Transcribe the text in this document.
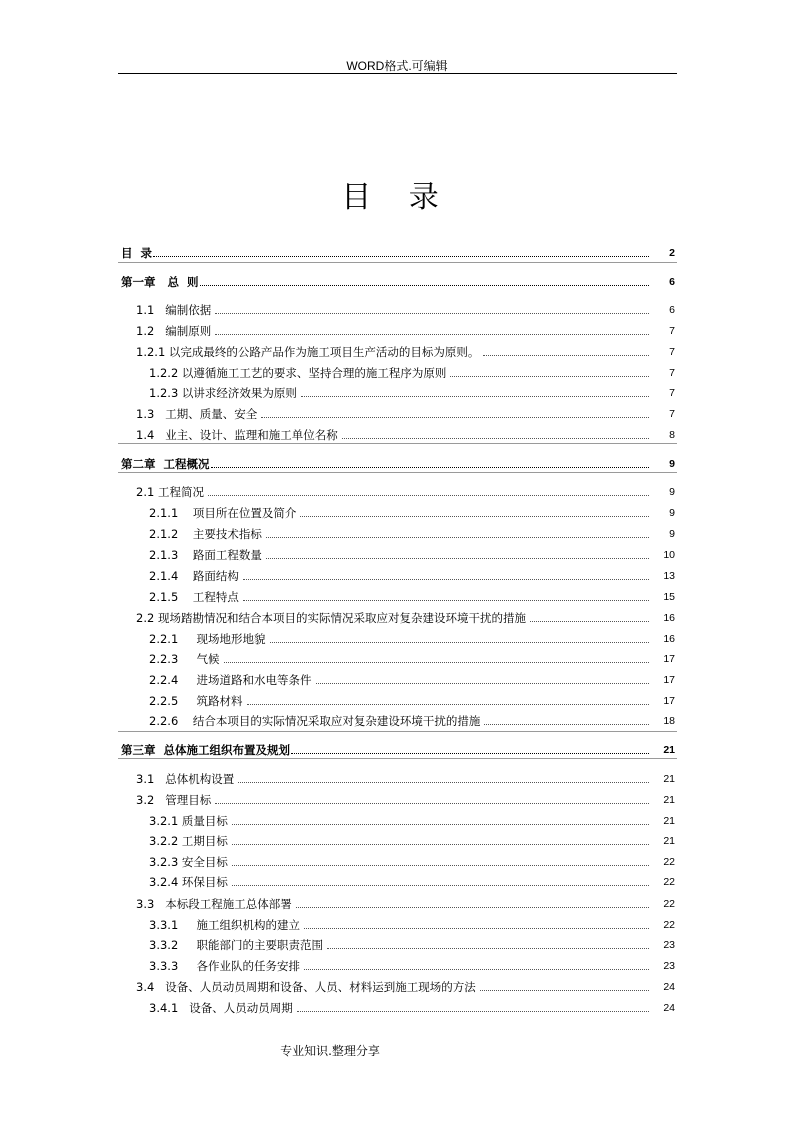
WORD格式.可编辑
目 录
目  录	2
第一章   总  则	6
1.1   编制依据	6
1.2   编制原则	7
1.2.1 以完成最终的公路产品作为施工项目生产活动的目标为原则。	7
1.2.2 以遵循施工工艺的要求、坚持合理的施工程序为原则	7
1.2.3 以讲求经济效果为原则	7
1.3   工期、质量、安全	7
1.4   业主、设计、监理和施工单位名称	8
第二章  工程概况	9
2.1 工程简况	9
2.1.1    项目所在位置及简介	9
2.1.2    主要技术指标	9
2.1.3    路面工程数量	10
2.1.4    路面结构	13
2.1.5    工程特点	15
2.2 现场踏勘情况和结合本项目的实际情况采取应对复杂建设环境干扰的措施	16
2.2.1     现场地形地貌	16
2.2.3     气候	17
2.2.4     进场道路和水电等条件	17
2.2.5     筑路材料	17
2.2.6    结合本项目的实际情况采取应对复杂建设环境干扰的措施	18
第三章  总体施工组织布置及规划	21
3.1   总体机构设置	21
3.2   管理目标	21
3.2.1 质量目标	21
3.2.2 工期目标	21
3.2.3 安全目标	22
3.2.4 环保目标	22
3.3   本标段工程施工总体部署	22
3.3.1     施工组织机构的建立	22
3.3.2     职能部门的主要职责范围	23
3.3.3     各作业队的任务安排	23
3.4   设备、人员动员周期和设备、人员、材料运到施工现场的方法	24
3.4.1   设备、人员动员周期	24
专业知识.整理分享
